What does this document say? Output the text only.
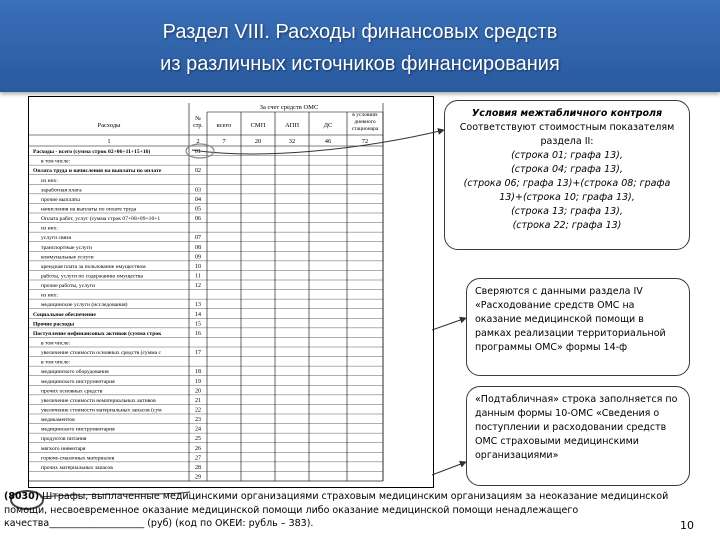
Раздел VIII. Расходы финансовых средств
из различных источников финансирования
За счет средств ОМС
Расходы
№
стр. всего	СМП	АПП	ДС
в условиях
дневного
стационара
1	2	7	20	32	46	72
Расходы - всего (сумма строк 02+06+11+15+16)	01
в том числе:
Оплата труда и начисления на выплаты по оплате	02
из них:
заработная плата	03
прочие выплаты	04
начисления на выплаты по оплате труда	05
Оплата работ, услуг (сумма строк 07+08+09+10+1	06
из них:
услуги связи	07
транспортные услуги	08
коммунальные услуги	09
арендная плата за пользование имуществом	10
работы, услуги по содержанию имущества	11
прочие работы, услуги	12
из них:
медицинские услуги (исследования)	13
Социальное обеспечение	14
Прочие расходы	15
Поступление нефинансовых активов (сумма строк	16
в том числе:
увеличение стоимости основных средств (сумма с	17
в том числе:
медицинского оборудования	18
медицинского инструментария	19
прочих основных средств	20
увеличение стоимости нематериальных активов	21
увеличение стоимости материальных запасов (сум	22
медикаментов	23
медицинского инструментария	24
продуктов питания	25
мягкого инвентаря	26
горюче-смазочных материалов	27
прочих материальных запасов	28
29
Условия межтабличного контроля
Соответствуют стоимостным показателям раздела II:
(строка 01; графа 13),
(строка 04; графа 13),
(строка 06; графа 13)+(строка 08; графа
13)+(строка 10; графа 13),
(строка 13; графа 13),
(строка 22; графа 13)
Сверяются с данными раздела IV «Расходование средств ОМС на оказание медицинской помощи в рамках реализации территориальной программы ОМС» формы 14-ф
«Подтабличная» строка заполняется по данным формы 10-ОМС «Сведения о поступлении и расходовании средств ОМС страховыми медицинскими организациями»
(8030) Штрафы, выплаченные медицинскими организациями страховым медицинским организациям за неоказание медицинской
помощи, несвоевременное оказание медицинской помощи либо оказание медицинской помощи ненадлежащего
качества____________________ (руб) (код по ОКЕИ: рубль – 383).	10
